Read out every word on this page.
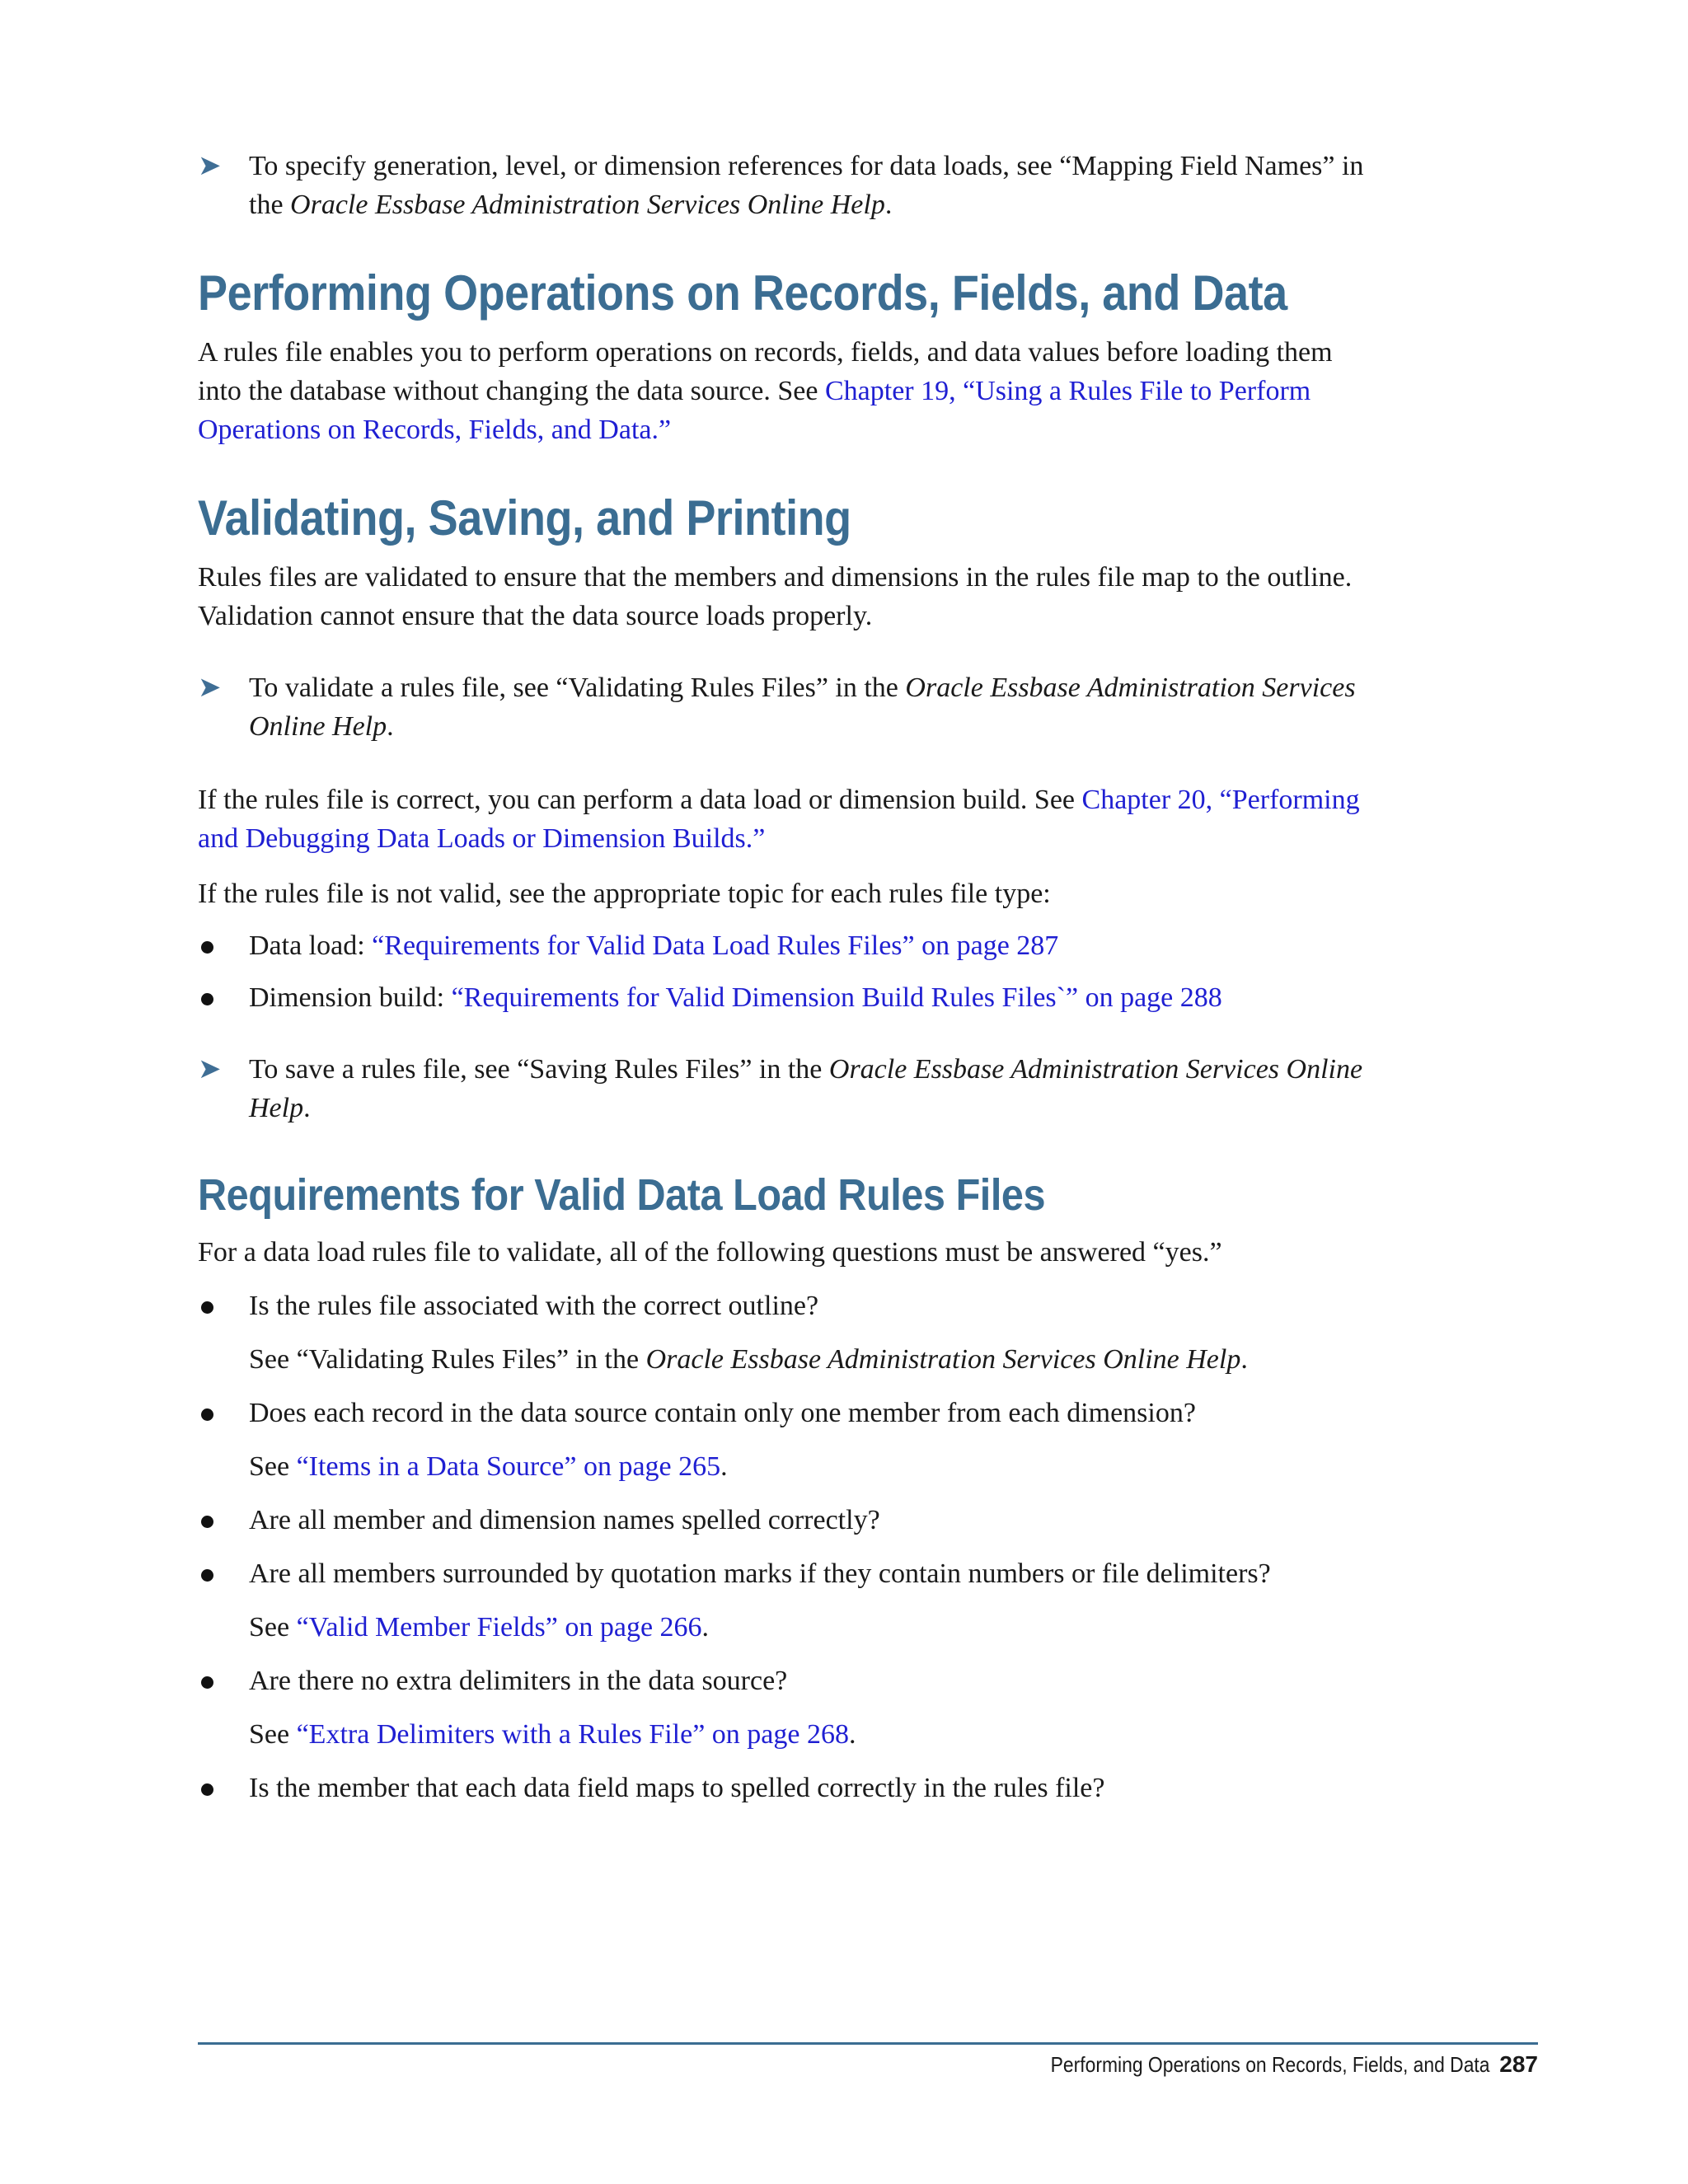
➤ To specify generation, level, or dimension references for data loads, see “Mapping Field Names” in the Oracle Essbase Administration Services Online Help.

Performing Operations on Records, Fields, and Data

A rules file enables you to perform operations on records, fields, and data values before loading them into the database without changing the data source. See Chapter 19, “Using a Rules File to Perform Operations on Records, Fields, and Data.”

Validating, Saving, and Printing

Rules files are validated to ensure that the members and dimensions in the rules file map to the outline. Validation cannot ensure that the data source loads properly.

➤ To validate a rules file, see “Validating Rules Files” in the Oracle Essbase Administration Services Online Help.

If the rules file is correct, you can perform a data load or dimension build. See Chapter 20, “Performing and Debugging Data Loads or Dimension Builds.”

If the rules file is not valid, see the appropriate topic for each rules file type:

Data load: “Requirements for Valid Data Load Rules Files” on page 287

Dimension build: “Requirements for Valid Dimension Build Rules Files`” on page 288

➤ To save a rules file, see “Saving Rules Files” in the Oracle Essbase Administration Services Online Help.

Requirements for Valid Data Load Rules Files

For a data load rules file to validate, all of the following questions must be answered “yes.”

Is the rules file associated with the correct outline?

See “Validating Rules Files” in the Oracle Essbase Administration Services Online Help.

Does each record in the data source contain only one member from each dimension?

See “Items in a Data Source” on page 265.

Are all member and dimension names spelled correctly?

Are all members surrounded by quotation marks if they contain numbers or file delimiters?

See “Valid Member Fields” on page 266.

Are there no extra delimiters in the data source?

See “Extra Delimiters with a Rules File” on page 268.

Is the member that each data field maps to spelled correctly in the rules file?

Performing Operations on Records, Fields, and Data 287
